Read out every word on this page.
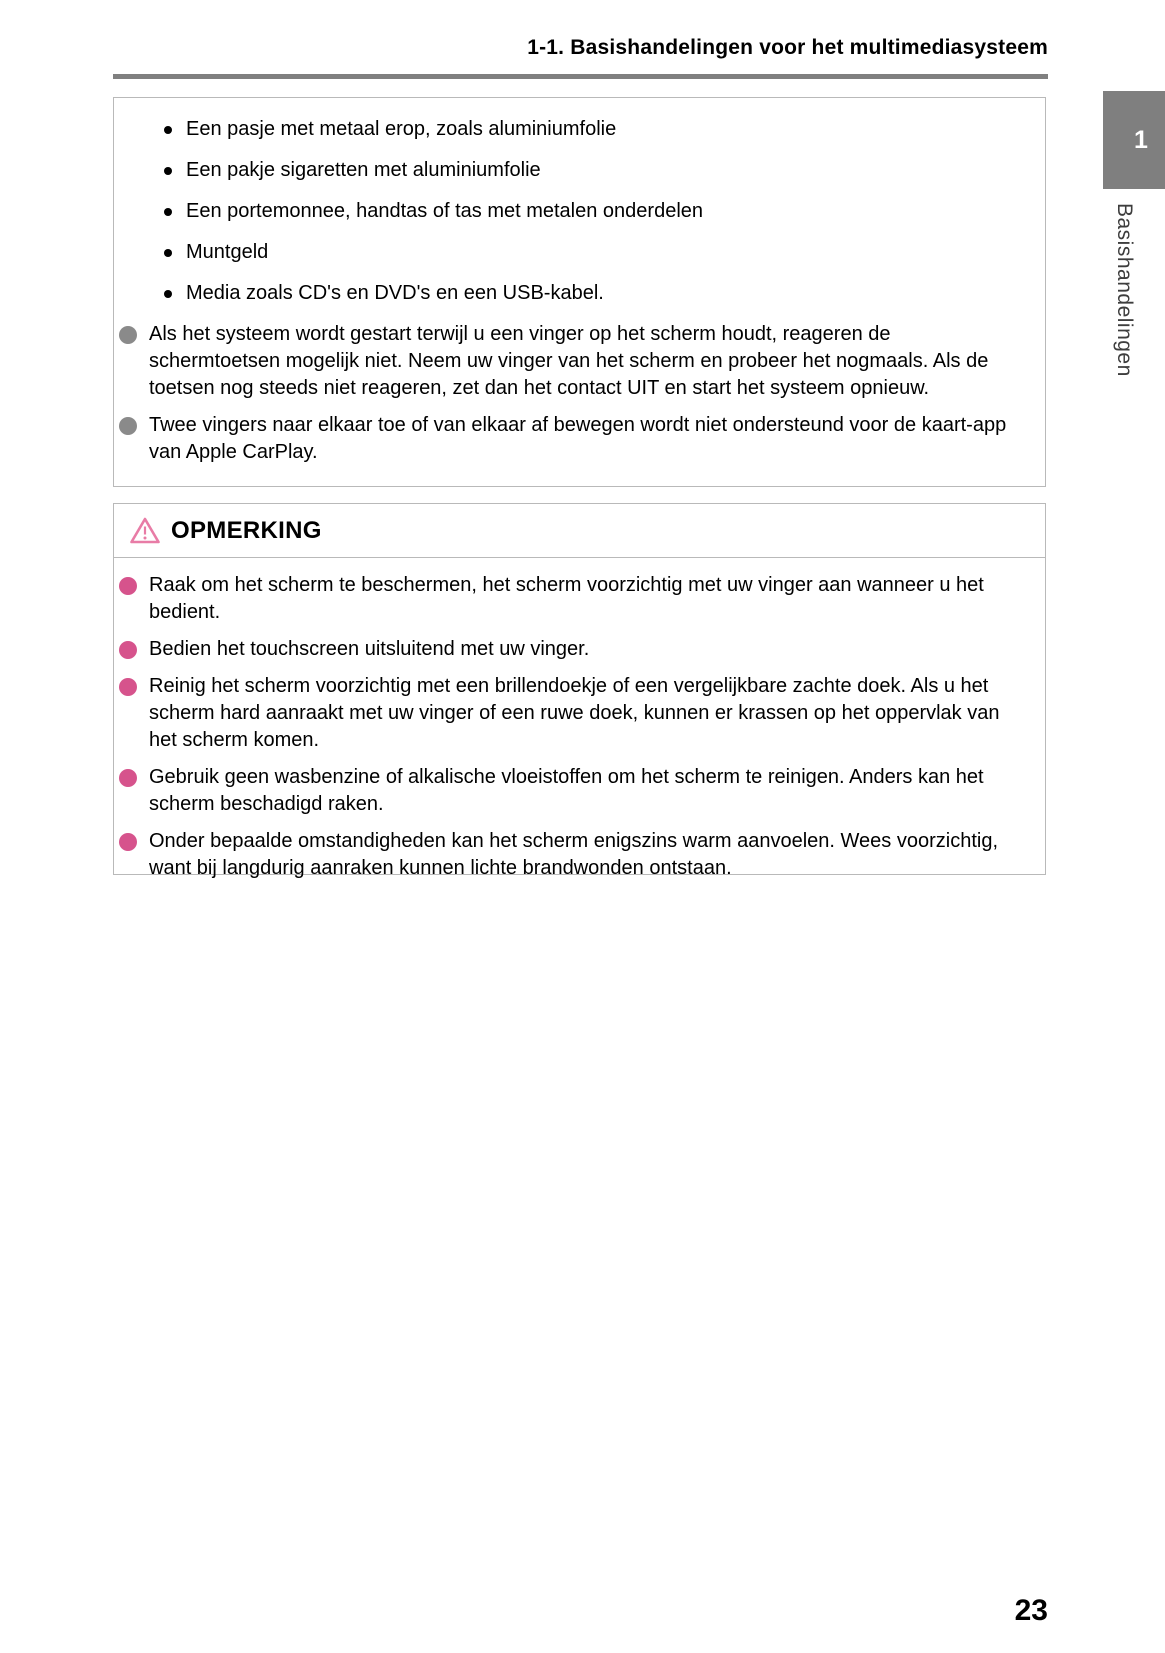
1-1. Basishandelingen voor het multimediasysteem
1
Basishandelingen
Een pasje met metaal erop, zoals aluminiumfolie
Een pakje sigaretten met aluminiumfolie
Een portemonnee, handtas of tas met metalen onderdelen
Muntgeld
Media zoals CD's en DVD's en een USB-kabel.
Als het systeem wordt gestart terwijl u een vinger op het scherm houdt, reageren de schermtoetsen mogelijk niet. Neem uw vinger van het scherm en probeer het nogmaals. Als de toetsen nog steeds niet reageren, zet dan het contact UIT en start het systeem opnieuw.
Twee vingers naar elkaar toe of van elkaar af bewegen wordt niet ondersteund voor de kaart-app van Apple CarPlay.
OPMERKING
Raak om het scherm te beschermen, het scherm voorzichtig met uw vinger aan wanneer u het bedient.
Bedien het touchscreen uitsluitend met uw vinger.
Reinig het scherm voorzichtig met een brillendoekje of een vergelijkbare zachte doek. Als u het scherm hard aanraakt met uw vinger of een ruwe doek, kunnen er krassen op het oppervlak van het scherm komen.
Gebruik geen wasbenzine of alkalische vloeistoffen om het scherm te reinigen. Anders kan het scherm beschadigd raken.
Onder bepaalde omstandigheden kan het scherm enigszins warm aanvoelen. Wees voorzichtig, want bij langdurig aanraken kunnen lichte brandwonden ontstaan.
23
